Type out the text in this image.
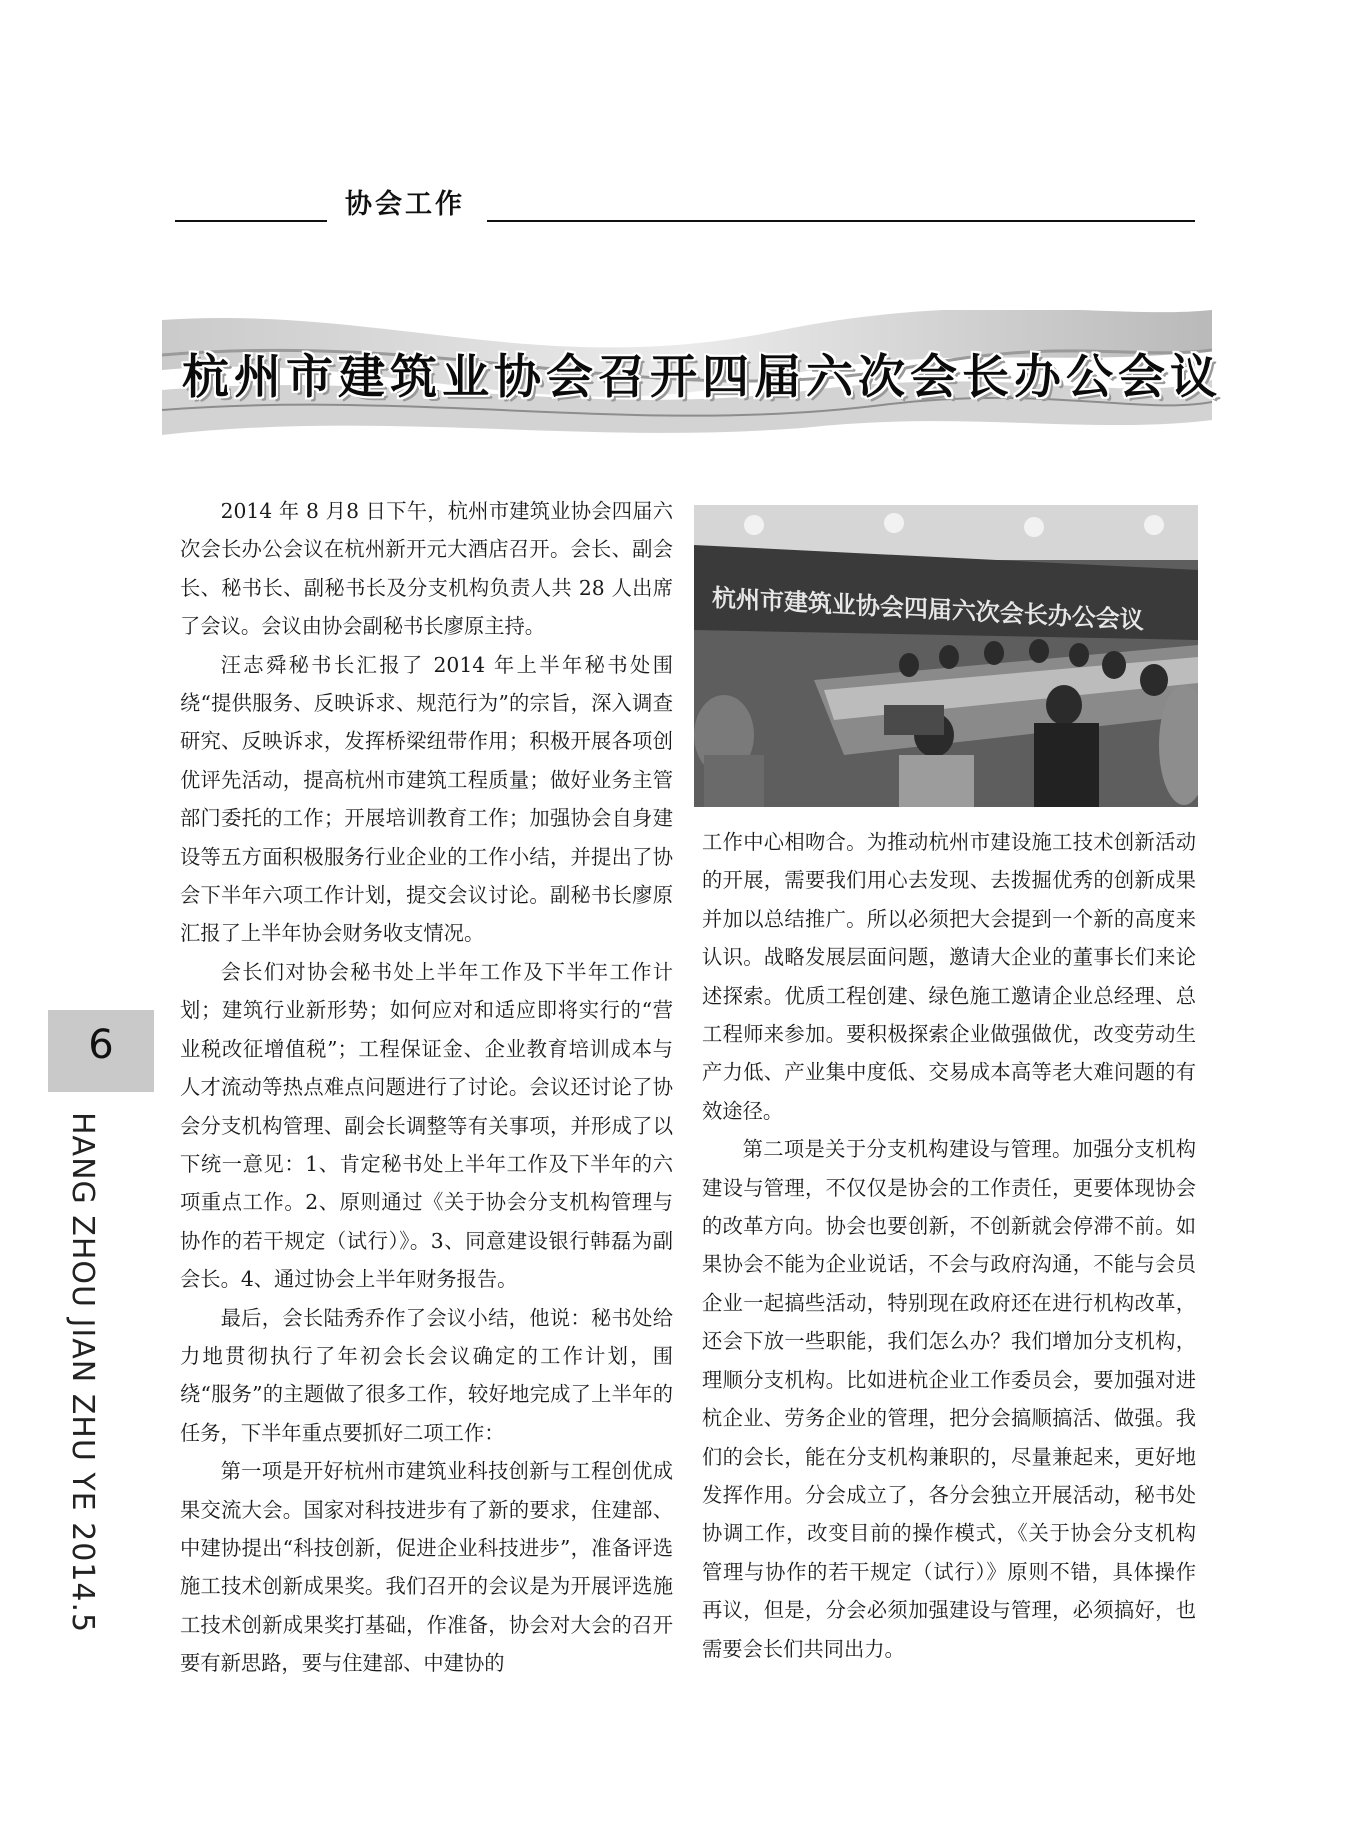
协会工作
杭州市建筑业协会召开四届六次会长办公会议

2014 年 8 月8 日下午，杭州市建筑业协会四届六次会长办公会议在杭州新开元大酒店召开。会长、副会长、秘书长、副秘书长及分支机构负责人共 28 人出席了会议。会议由协会副秘书长廖原主持。

汪志舜秘书长汇报了 2014 年上半年秘书处围绕“提供服务、反映诉求、规范行为”的宗旨，深入调查研究、反映诉求，发挥桥梁纽带作用；积极开展各项创优评先活动，提高杭州市建筑工程质量；做好业务主管部门委托的工作；开展培训教育工作；加强协会自身建设等五方面积极服务行业企业的工作小结，并提出了协会下半年六项工作计划，提交会议讨论。副秘书长廖原汇报了上半年协会财务收支情况。

会长们对协会秘书处上半年工作及下半年工作计划；建筑行业新形势；如何应对和适应即将实行的“营业税改征增值税”；工程保证金、企业教育培训成本与人才流动等热点难点问题进行了讨论。会议还讨论了协会分支机构管理、副会长调整等有关事项，并形成了以下统一意见：1、肯定秘书处上半年工作及下半年的六项重点工作。2、原则通过《关于协会分支机构管理与协作的若干规定（试行）》。3、同意建设银行韩磊为副会长。4、通过协会上半年财务报告。

最后，会长陆秀乔作了会议小结，他说：秘书处给力地贯彻执行了年初会长会议确定的工作计划，围绕“服务”的主题做了很多工作，较好地完成了上半年的任务，下半年重点要抓好二项工作：

第一项是开好杭州市建筑业科技创新与工程创优成果交流大会。国家对科技进步有了新的要求，住建部、中建协提出“科技创新，促进企业科技进步”，准备评选施工技术创新成果奖。我们召开的会议是为开展评选施工技术创新成果奖打基础，作准备，协会对大会的召开要有新思路，要与住建部、中建协的

杭州市建筑业协会四届六次会长办公会议

工作中心相吻合。为推动杭州市建设施工技术创新活动的开展，需要我们用心去发现、去拨掘优秀的创新成果并加以总结推广。所以必须把大会提到一个新的高度来认识。战略发展层面问题，邀请大企业的董事长们来论述探索。优质工程创建、绿色施工邀请企业总经理、总工程师来参加。要积极探索企业做强做优，改变劳动生产力低、产业集中度低、交易成本高等老大难问题的有效途径。

第二项是关于分支机构建设与管理。加强分支机构建设与管理，不仅仅是协会的工作责任，更要体现协会的改革方向。协会也要创新，不创新就会停滞不前。如果协会不能为企业说话，不会与政府沟通，不能与会员企业一起搞些活动，特别现在政府还在进行机构改革，还会下放一些职能，我们怎么办？我们增加分支机构，理顺分支机构。比如进杭企业工作委员会，要加强对进杭企业、劳务企业的管理，把分会搞顺搞活、做强。我们的会长，能在分支机构兼职的，尽量兼起来，更好地发挥作用。分会成立了，各分会独立开展活动，秘书处协调工作，改变目前的操作模式，《关于协会分支机构管理与协作的若干规定（试行）》原则不错，具体操作再议，但是，分会必须加强建设与管理，必须搞好，也需要会长们共同出力。

6
HANG ZHOU JIAN ZHU YE 2014.5
